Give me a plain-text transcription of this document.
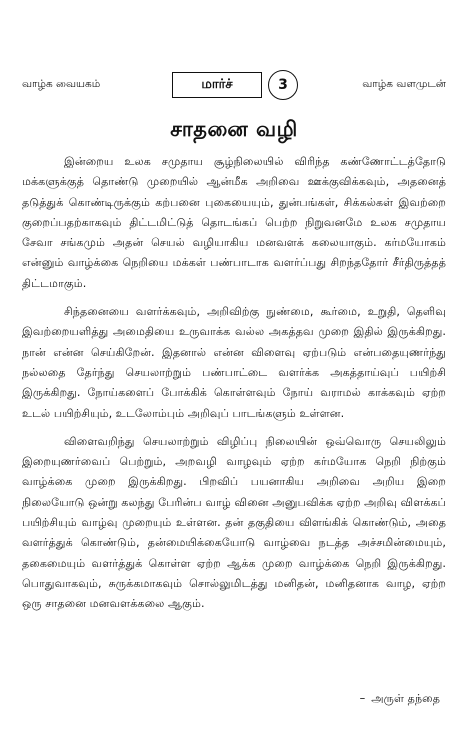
வாழ்க வையகம்	மார்ச்	3	வாழ்க வளமுடன்
சாதனை வழி

இன்றைய உலக சமுதாய சூழ்நிலையில் விரிந்த கண்ணோட்டத்தோடு மக்களுக்குத் தொண்டு முறையில் ஆன்மீக அறிவை ஊக்குவிக்கவும், அதனைத் தடுத்துக் கொண்டிருக்கும் கற்பனை புகையையும், துன்பங்கள், சிக்கல்கள் இவற்றை குறைப்பதற்காகவும் திட்டமிட்டுத் தொடங்கப் பெற்ற நிறுவனமே உலக சமுதாய சேவா சங்கமும் அதன் செயல் வழியாகிய மனவளக் கலையாகும். கர்மயோகம் என்னும் வாழ்க்கை நெறியை மக்கள் பண்பாடாக வளர்ப்பது சிறந்ததோர் சீர்திருத்தத் திட்டமாகும்.

சிந்தனையை வளர்க்கவும், அறிவிற்கு நுண்மை, கூர்மை, உறுதி, தெளிவு இவற்றையளித்து அமைதியை உருவாக்க வல்ல அகத்தவ முறை இதில் இருக்கிறது. நான் என்ன செய்கிறேன். இதனால் என்ன விளைவு ஏற்படும் என்பதையுணர்ந்து நல்லதை தேர்ந்து செயலாற்றும் பண்பாட்டை வளர்க்க அகத்தாய்வுப் பயிற்சி இருக்கிறது. நோய்களைப் போக்கிக் கொள்ளவும் நோய் வராமல் காக்கவும் ஏற்ற உடல் பயிற்சியும், உடலோம்பும் அறிவுப் பாடங்களும் உள்ளன.

விளைவறிந்து செயலாற்றும் விழிப்பு நிலையின் ஒவ்வொரு செயலிலும் இறையுணர்வைப் பெற்றும், அறவழி வாழவும் ஏற்ற கர்மயோக நெறி நிற்கும் வாழ்க்கை முறை இருக்கிறது. பிறவிப் பயனாகிய அறிவை அறிய இறை நிலையோடு ஒன்று கலந்து பேரின்ப வாழ் வினை அனுபவிக்க ஏற்ற அறிவு விளக்கப் பயிற்சியும் வாழ்வு முறையும் உள்ளன. தன் தகுதியை விளங்கிக் கொண்டும், அதை வளர்த்துக் கொண்டும், தன்மையிக்கையோடு வாழ்வை நடத்த அச்சமின்மையும், தகைமையும் வளர்த்துக் கொள்ள ஏற்ற ஆக்க முறை வாழ்க்கை நெறி இருக்கிறது. பொதுவாகவும், சுருக்கமாகவும் சொல்லுமிடத்து மனிதன், மனிதனாக வாழ, ஏற்ற ஒரு சாதனை மனவளக்கலை ஆகும்.

– அருள் தந்தை
